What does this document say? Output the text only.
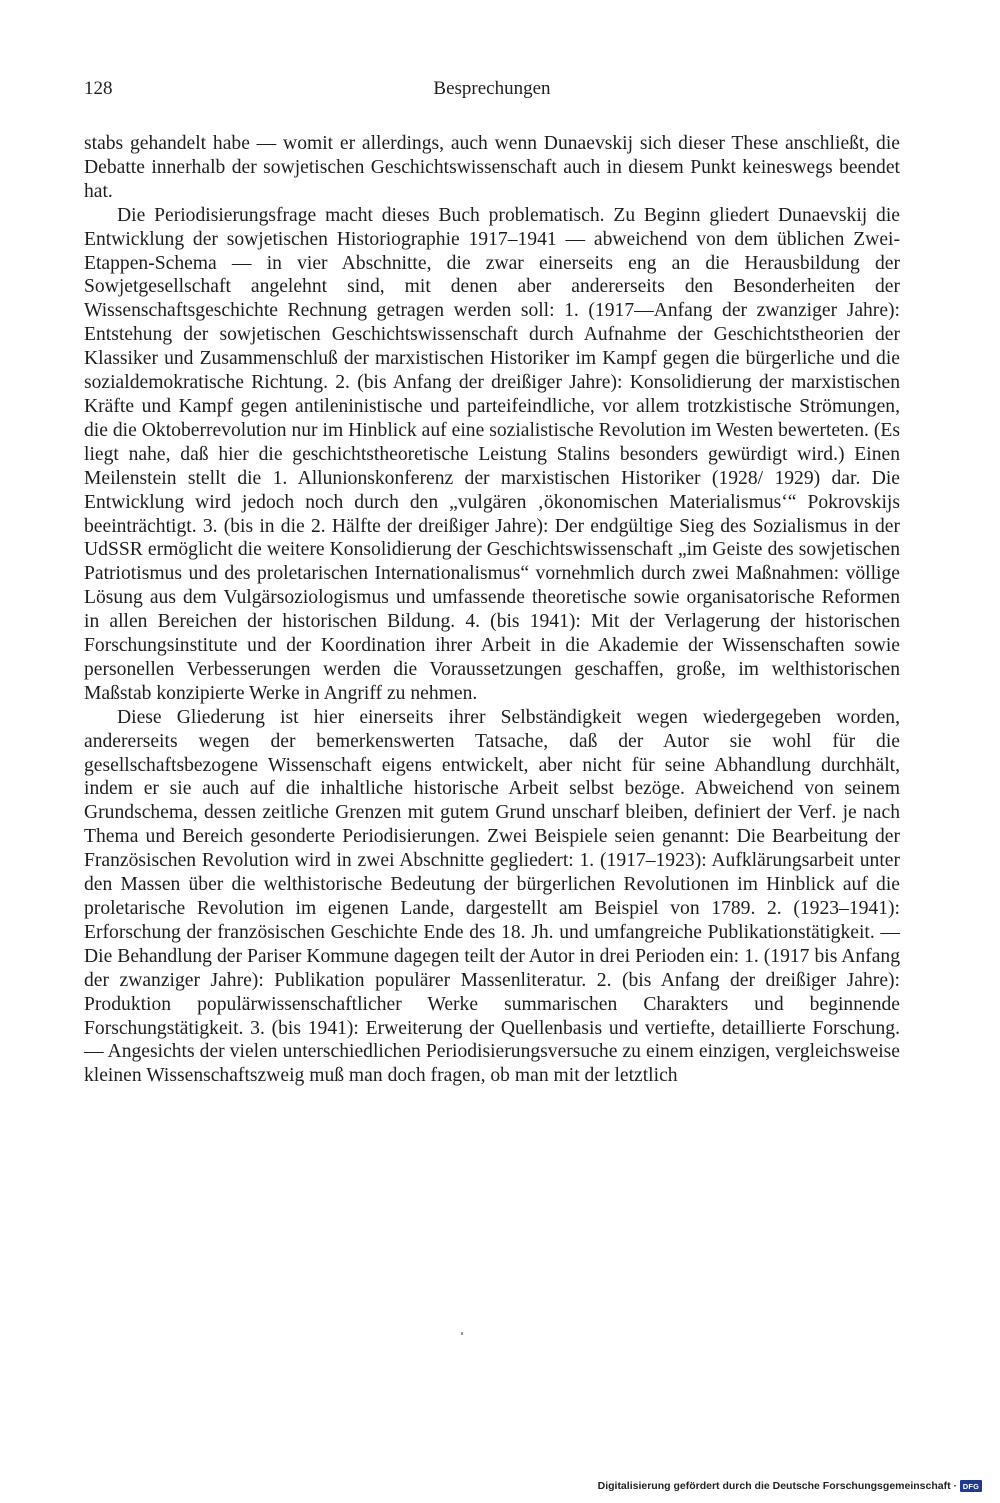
128	Besprechungen

stabs gehandelt habe — womit er allerdings, auch wenn Dunaevskij sich dieser These anschließt, die Debatte innerhalb der sowjetischen Geschichtswissenschaft auch in diesem Punkt keineswegs beendet hat.

Die Periodisierungsfrage macht dieses Buch problematisch. Zu Beginn gliedert Dunaevskij die Entwicklung der sowjetischen Historiographie 1917–1941 — abweichend von dem üblichen Zwei-Etappen-Schema — in vier Abschnitte, die zwar einerseits eng an die Herausbildung der Sowjetgesellschaft angelehnt sind, mit denen aber andererseits den Besonderheiten der Wissenschaftsgeschichte Rechnung getragen werden soll: 1. (1917—Anfang der zwanziger Jahre): Entstehung der sowjetischen Geschichtswissenschaft durch Aufnahme der Geschichtstheorien der Klassiker und Zusammenschluß der marxistischen Historiker im Kampf gegen die bürgerliche und die sozialdemokratische Richtung. 2. (bis Anfang der dreißiger Jahre): Konsolidierung der marxistischen Kräfte und Kampf gegen antileninistische und parteifeindliche, vor allem trotzkistische Strömungen, die die Oktoberrevolution nur im Hinblick auf eine sozialistische Revolution im Westen bewerteten. (Es liegt nahe, daß hier die geschichtstheoretische Leistung Stalins besonders gewürdigt wird.) Einen Meilenstein stellt die 1. Allunionskonferenz der marxistischen Historiker (1928/ 1929) dar. Die Entwicklung wird jedoch noch durch den „vulgären ‚ökonomischen Materialismus‘“ Pokrovskijs beeinträchtigt. 3. (bis in die 2. Hälfte der dreißiger Jahre): Der endgültige Sieg des Sozialismus in der UdSSR ermöglicht die weitere Konsolidierung der Geschichtswissenschaft „im Geiste des sowjetischen Patriotismus und des proletarischen Internationalismus“ vornehmlich durch zwei Maßnahmen: völlige Lösung aus dem Vulgärsoziologismus und umfassende theoretische sowie organisatorische Reformen in allen Bereichen der historischen Bildung. 4. (bis 1941): Mit der Verlagerung der historischen Forschungsinstitute und der Koordination ihrer Arbeit in die Akademie der Wissenschaften sowie personellen Verbesserungen werden die Voraussetzungen geschaffen, große, im welthistorischen Maßstab konzipierte Werke in Angriff zu nehmen.

Diese Gliederung ist hier einerseits ihrer Selbständigkeit wegen wiedergegeben worden, andererseits wegen der bemerkenswerten Tatsache, daß der Autor sie wohl für die gesellschaftsbezogene Wissenschaft eigens entwickelt, aber nicht für seine Abhandlung durchhält, indem er sie auch auf die inhaltliche historische Arbeit selbst bezöge. Abweichend von seinem Grundschema, dessen zeitliche Grenzen mit gutem Grund unscharf bleiben, definiert der Verf. je nach Thema und Bereich gesonderte Periodisierungen. Zwei Beispiele seien genannt: Die Bearbeitung der Französischen Revolution wird in zwei Abschnitte gegliedert: 1. (1917–1923): Aufklärungsarbeit unter den Massen über die welthistorische Bedeutung der bürgerlichen Revolutionen im Hinblick auf die proletarische Revolution im eigenen Lande, dargestellt am Beispiel von 1789. 2. (1923–1941): Erforschung der französischen Geschichte Ende des 18. Jh. und umfangreiche Publikationstätigkeit. — Die Behandlung der Pariser Kommune dagegen teilt der Autor in drei Perioden ein: 1. (1917 bis Anfang der zwanziger Jahre): Publikation populärer Massenliteratur. 2. (bis Anfang der dreißiger Jahre): Produktion populärwissenschaftlicher Werke summarischen Charakters und beginnende Forschungstätigkeit. 3. (bis 1941): Erweiterung der Quellenbasis und vertiefte, detaillierte Forschung. — Angesichts der vielen unterschiedlichen Periodisierungsversuche zu einem einzigen, vergleichsweise kleinen Wissenschaftszweig muß man doch fragen, ob man mit der letztlich

Digitalisierung gefördert durch die Deutsche Forschungsgemeinschaft · DFG
